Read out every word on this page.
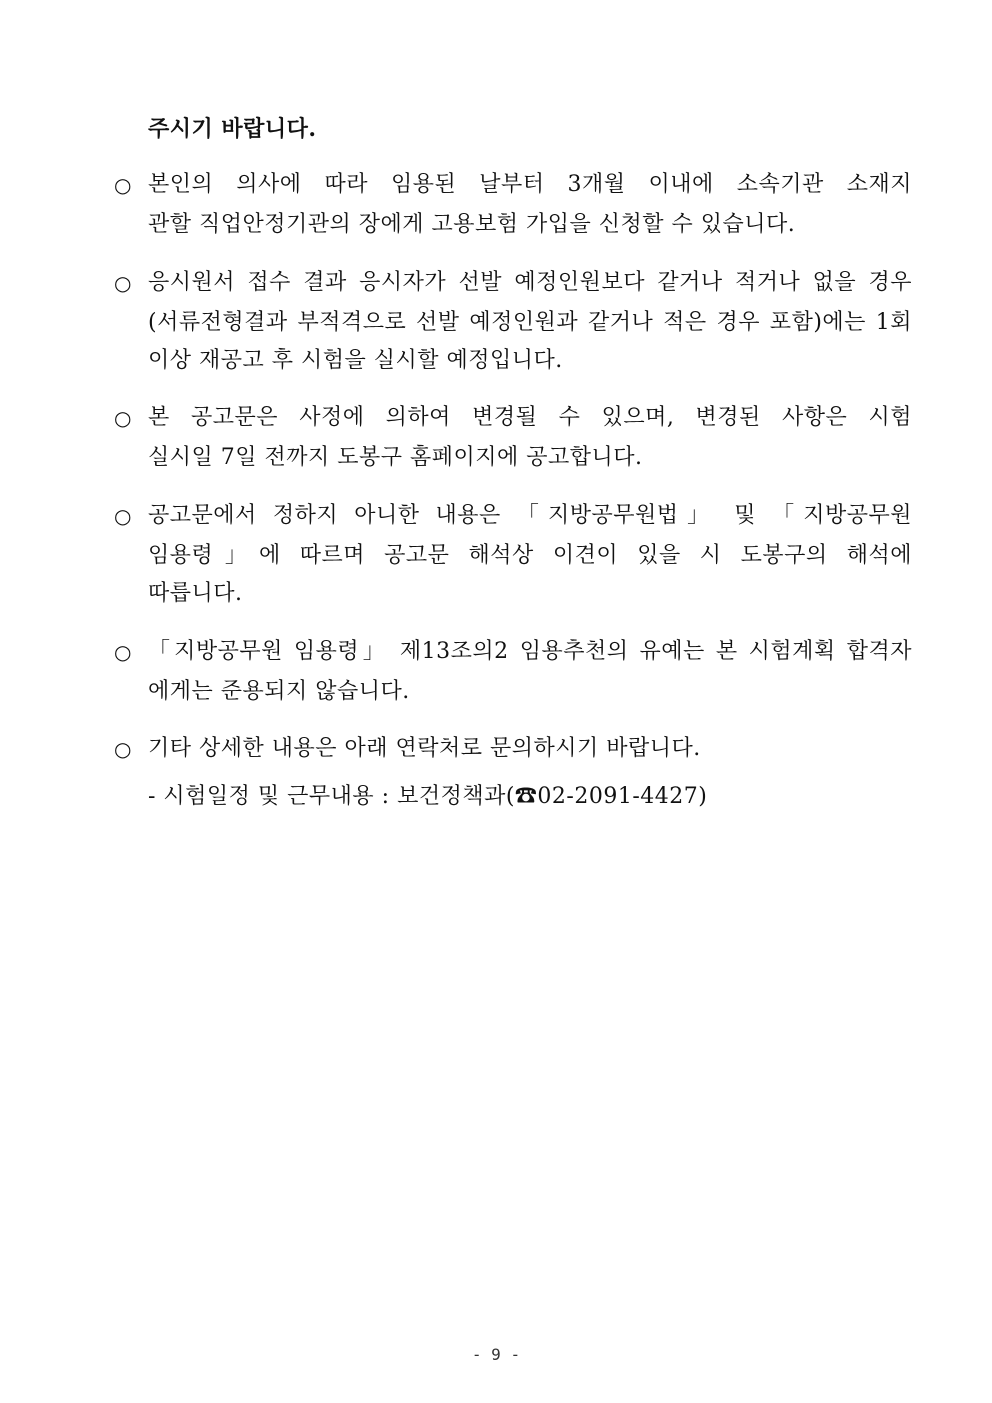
주시기 바랍니다.
○ 본인의 의사에 따라 임용된 날부터 3개월 이내에 소속기관 소재지
관할 직업안정기관의 장에게 고용보험 가입을 신청할 수 있습니다.
○ 응시원서 접수 결과 응시자가 선발 예정인원보다 같거나 적거나 없을 경우
(서류전형결과 부적격으로 선발 예정인원과 같거나 적은 경우 포함)에는 1회
이상 재공고 후 시험을 실시할 예정입니다.
○ 본 공고문은 사정에 의하여 변경될 수 있으며, 변경된 사항은 시험
실시일 7일 전까지 도봉구 홈페이지에 공고합니다.
○ 공고문에서 정하지 아니한 내용은 「지방공무원법」 및 「지방공무원
임용령」에 따르며 공고문 해석상 이견이 있을 시 도봉구의 해석에
따릅니다.
○ 「지방공무원 임용령」 제13조의2 임용추천의 유예는 본 시험계획 합격자
에게는 준용되지 않습니다.
○ 기타 상세한 내용은 아래 연락처로 문의하시기 바랍니다.
- 시험일정 및 근무내용 : 보건정책과(☎02-2091-4427)
- 9 -
